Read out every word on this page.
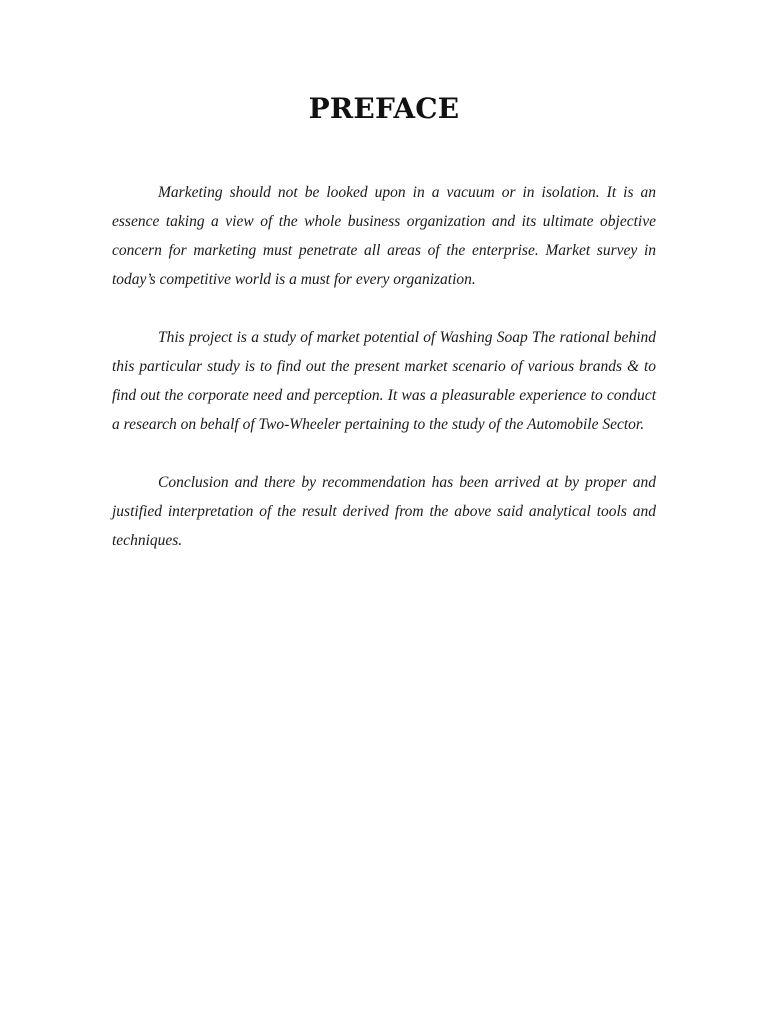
PREFACE

Marketing should not be looked upon in a vacuum or in isolation. It is an essence taking a view of the whole business organization and its ultimate objective concern for marketing must penetrate all areas of the enterprise. Market survey in today’s competitive world is a must for every organization.

This project is a study of market potential of Washing Soap The rational behind this particular study is to find out the present market scenario of various brands & to find out the corporate need and perception. It was a pleasurable experience to conduct a research on behalf of Two-Wheeler pertaining to the study of the Automobile Sector.

Conclusion and there by recommendation has been arrived at by proper and justified interpretation of the result derived from the above said analytical tools and techniques.
